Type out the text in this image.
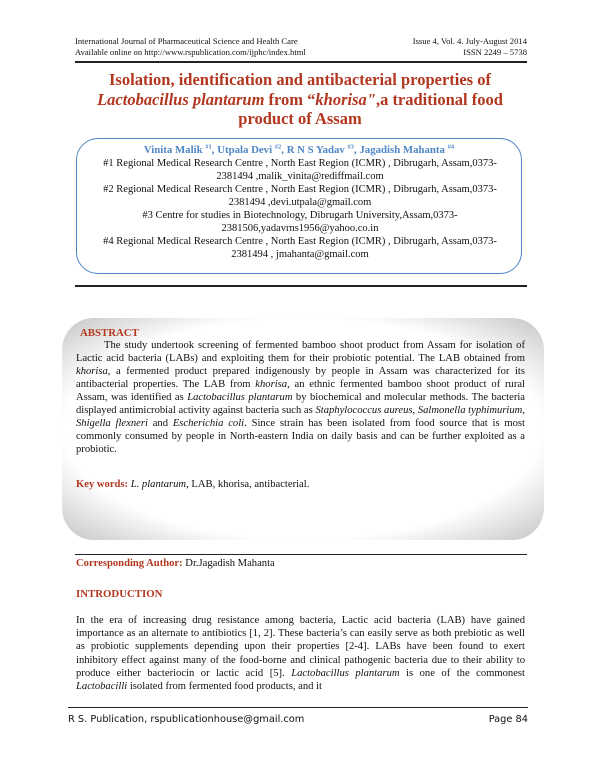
International Journal of Pharmaceutical Science and Health Care
Available online on http://www.rspublication.com/ijphc/index.html
Issue 4, Vol. 4. July-August 2014
ISSN 2249 – 5738
Isolation, identification and antibacterial properties of
Lactobacillus plantarum from “khorisa",a traditional food
product of Assam
Vinita Malik $^{\#1}$, Utpala Devi $^{\#2}$, R N S Yadav $^{\#3}$, Jagadish Mahanta $^{\#4}$
#1 Regional Medical Research Centre , North East Region (ICMR) , Dibrugarh, Assam,0373-
2381494 ,malik_vinita@rediffmail.com
#2 Regional Medical Research Centre , North East Region (ICMR) , Dibrugarh, Assam,0373-
2381494 ,devi.utpala@gmail.com
#3 Centre for studies in Biotechnology, Dibrugarh University,Assam,0373-
2381506,yadavrns1956@yahoo.co.in
#4 Regional Medical Research Centre , North East Region (ICMR) , Dibrugarh, Assam,0373-
2381494 , jmahanta@gmail.com
ABSTRACT
The study undertook screening of fermented bamboo shoot product from Assam for isolation of Lactic acid bacteria (LABs) and exploiting them for their probiotic potential. The LAB obtained from khorisa, a fermented product prepared indigenously by people in Assam was characterized for its antibacterial properties. The LAB from khorisa, an ethnic fermented bamboo shoot product of rural Assam, was identified as Lactobacillus plantarum by biochemical and molecular methods. The bacteria displayed antimicrobial activity against bacteria such as Staphylococcus aureus, Salmonella typhimurium, Shigella flexneri and Escherichia coli. Since strain has been isolated from food source that is most commonly consumed by people in North-eastern India on daily basis and can be further exploited as a probiotic.
Key words: L. plantarum, LAB, khorisa, antibacterial.
Corresponding Author: Dr.Jagadish Mahanta
INTRODUCTION
In the era of increasing drug resistance among bacteria, Lactic acid bacteria (LAB) have gained importance as an alternate to antibiotics [1, 2]. These bacteria’s can easily serve as both prebiotic as well as probiotic supplements depending upon their properties [2-4]. LABs have been found to exert inhibitory effect against many of the food-borne and clinical pathogenic bacteria due to their ability to produce either bacteriocin or lactic acid [5]. Lactobacillus plantarum is one of the commonest Lactobacilli isolated from fermented food products, and it
R S. Publication, rspublicationhouse@gmail.com	Page 84
